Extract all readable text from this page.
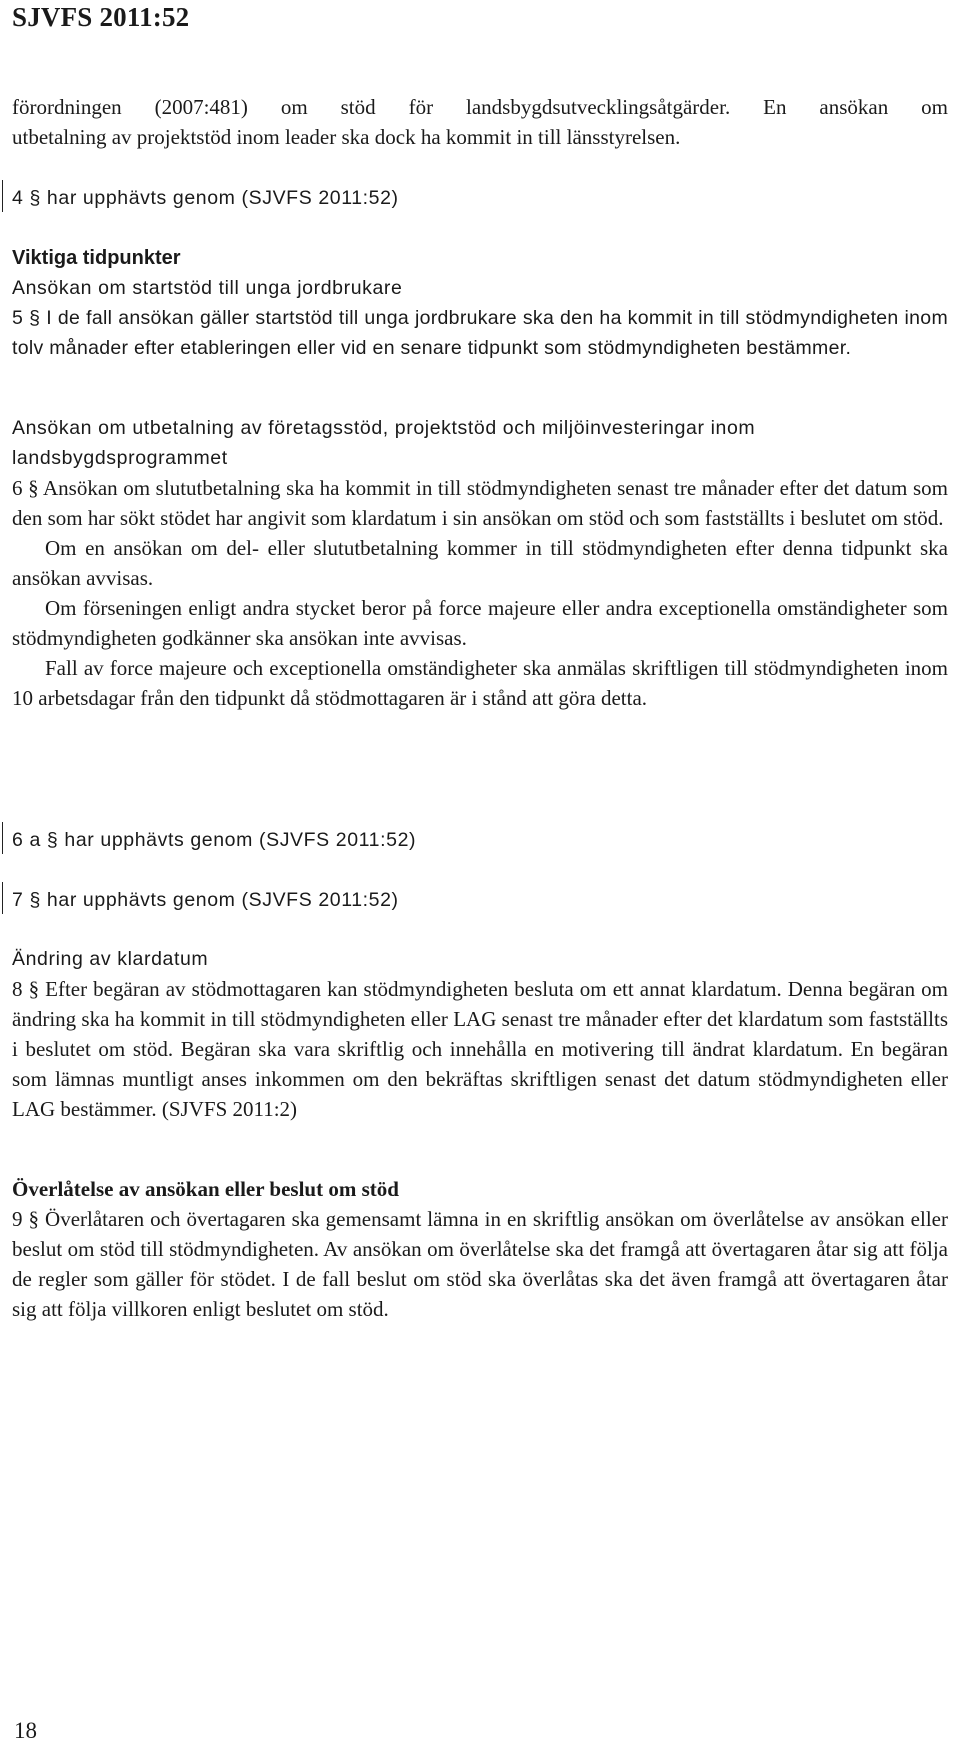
SJVFS 2011:52

förordningen (2007:481) om stöd för landsbygdsutvecklingsåtgärder. En ansökan om

utbetalning av projektstöd inom leader ska dock ha kommit in till länsstyrelsen.

4 § har upphävts genom (SJVFS 2011:52)

Viktiga tidpunkter

Ansökan om startstöd till unga jordbrukare

5 § I de fall ansökan gäller startstöd till unga jordbrukare ska den ha kommit in till stödmyndigheten inom tolv månader efter etableringen eller vid en senare tidpunkt som stödmyndigheten bestämmer.

Ansökan om utbetalning av företagsstöd, projektstöd och miljöinvesteringar inom landsbygdsprogrammet

6 § Ansökan om slututbetalning ska ha kommit in till stödmyndigheten senast tre månader efter det datum som den som har sökt stödet har angivit som klardatum i sin ansökan om stöd och som fastställts i beslutet om stöd.

Om en ansökan om del- eller slututbetalning kommer in till stödmyndigheten efter denna tidpunkt ska ansökan avvisas.

Om förseningen enligt andra stycket beror på force majeure eller andra exceptionella omständigheter som stödmyndigheten godkänner ska ansökan inte avvisas.

Fall av force majeure och exceptionella omständigheter ska anmälas skriftligen till stödmyndigheten inom 10 arbetsdagar från den tidpunkt då stödmottagaren är i stånd att göra detta.

6 a § har upphävts genom (SJVFS 2011:52)
7 § har upphävts genom (SJVFS 2011:52)

Ändring av klardatum

8 § Efter begäran av stödmottagaren kan stödmyndigheten besluta om ett annat klardatum. Denna begäran om ändring ska ha kommit in till stödmyndigheten eller LAG senast tre månader efter det klardatum som fastställts i beslutet om stöd. Begäran ska vara skriftlig och innehålla en motivering till ändrat klardatum. En begäran som lämnas muntligt anses inkommen om den bekräftas skriftligen senast det datum stödmyndigheten eller LAG bestämmer. (SJVFS 2011:2)

Överlåtelse av ansökan eller beslut om stöd

9 § Överlåtaren och övertagaren ska gemensamt lämna in en skriftlig ansökan om överlåtelse av ansökan eller beslut om stöd till stödmyndigheten. Av ansökan om överlåtelse ska det framgå att övertagaren åtar sig att följa de regler som gäller för stödet. I de fall beslut om stöd ska överlåtas ska det även framgå att övertagaren åtar sig att följa villkoren enligt beslutet om stöd.

18
